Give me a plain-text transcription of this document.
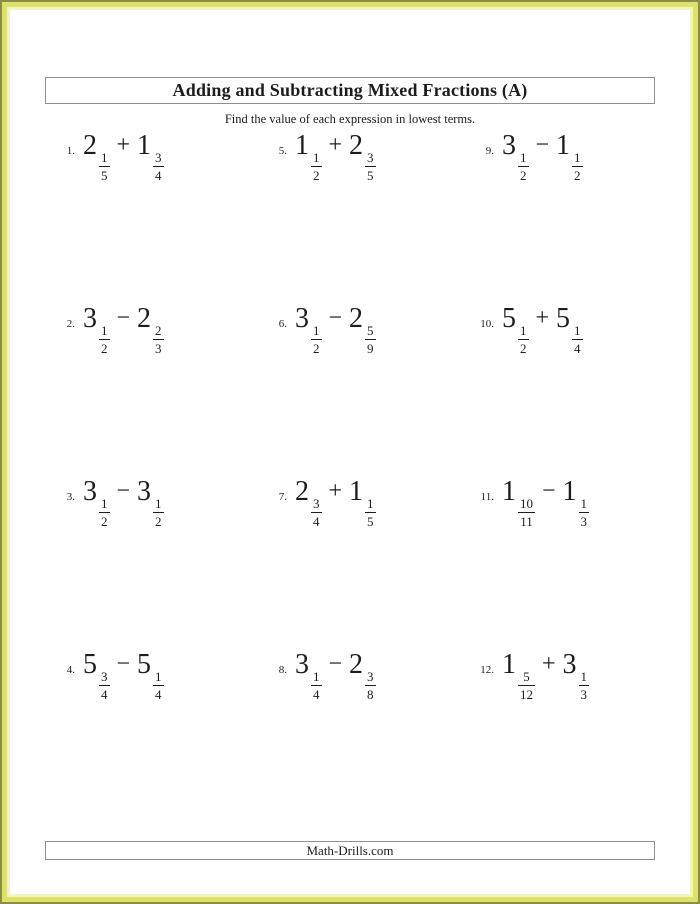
Adding and Subtracting Mixed Fractions (A)
Find the value of each expression in lowest terms.
1. 2
$\frac{1}{5}$
+ 1
$\frac{3}{4}$
2. 3
$\frac{1}{2}$
− 2
$\frac{2}{3}$
3. 3
$\frac{1}{2}$
− 3
$\frac{1}{2}$
4. 5
$\frac{3}{4}$
− 5
$\frac{1}{4}$
5. 1
$\frac{1}{2}$
+ 2
$\frac{3}{5}$
6. 3
$\frac{1}{2}$
− 2
$\frac{5}{9}$
7. 2
$\frac{3}{4}$
+ 1
$\frac{1}{5}$
8. 3
$\frac{1}{4}$
− 2
$\frac{3}{8}$
9. 3
$\frac{1}{2}$
− 1
$\frac{1}{2}$
10. 5
$\frac{1}{2}$
+ 5
$\frac{1}{4}$
11. 1
$\frac{10}{11}$
− 1
$\frac{1}{3}$
12. 1
$\frac{5}{12}$
+ 3
$\frac{1}{3}$
Math-Drills.com
